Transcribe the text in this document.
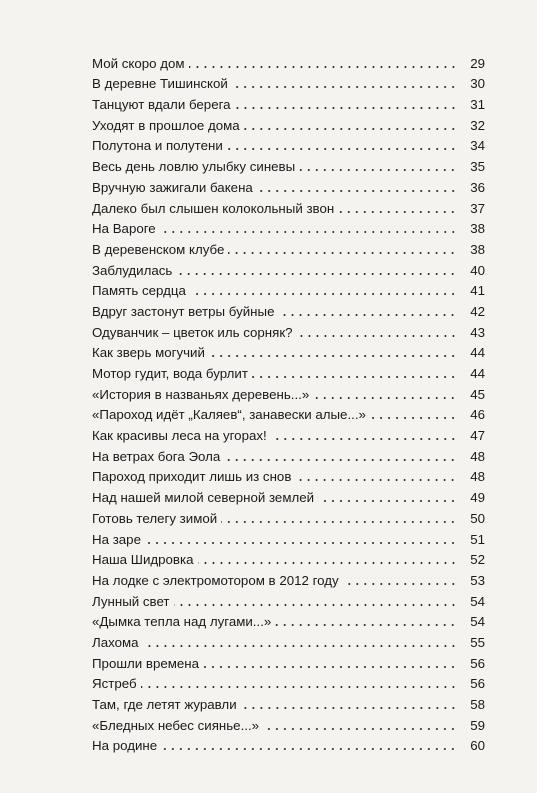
Мой скоро дом	29
В деревне Тишинской	30
Танцуют вдали берега	31
Уходят в прошлое дома	32
Полутона и полутени	34
Весь день ловлю улыбку синевы	35
Вручную зажигали бакена	36
Далеко был слышен колокольный звон	37
На Вароге	38
В деревенском клубе	38
Заблудилась	40
Память сердца	41
Вдруг застонут ветры буйные	42
Одуванчик – цветок иль сорняк?	43
Как зверь могучий	44
Мотор гудит, вода бурлит	44
«История в названьях деревень...»	45
«Пароход идёт „Каляев“, занавески алые...»	46
Как красивы леса на угорах!	47
На ветрах бога Эола	48
Пароход приходит лишь из снов	48
Над нашей милой северной землей	49
Готовь телегу зимой	50
На заре	51
Наша Шидровка	52
На лодке с электромотором в 2012 году	53
Лунный свет	54
«Дымка тепла над лугами...»	54
Лахома	55
Прошли времена	56
Ястреб	56
Там, где летят журавли	58
«Бледных небес сиянье...»	59
На родине	60
